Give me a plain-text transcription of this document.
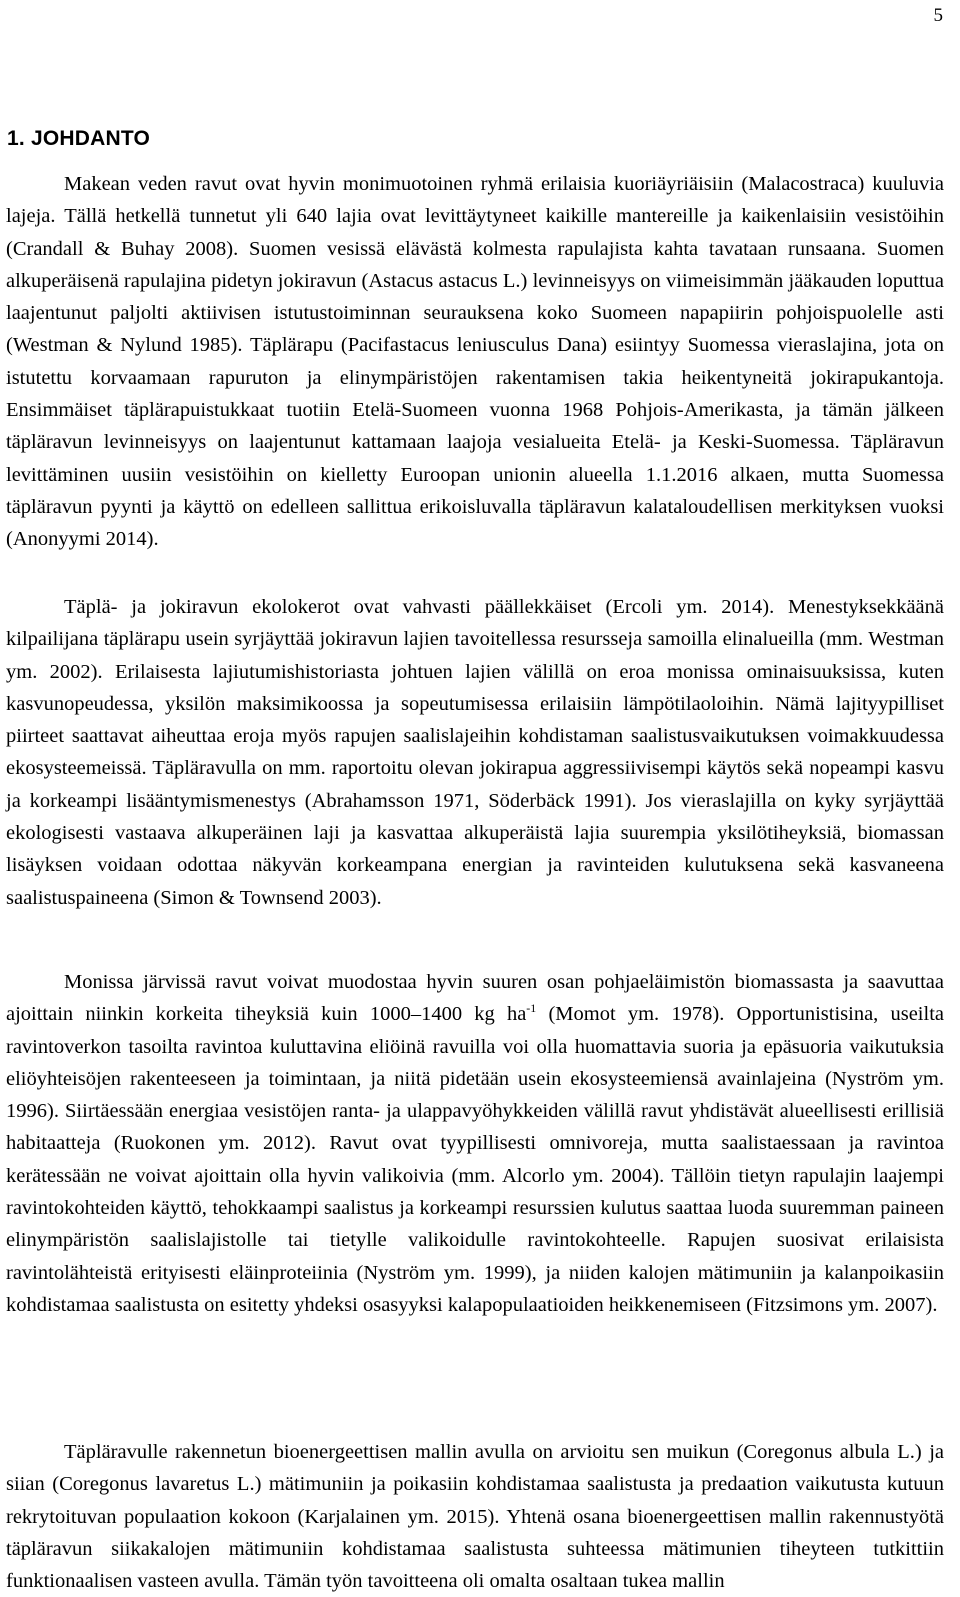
5
1. JOHDANTO

Makean veden ravut ovat hyvin monimuotoinen ryhmä erilaisia kuoriäyriäisiin (Malacostraca) kuuluvia lajeja. Tällä hetkellä tunnetut yli 640 lajia ovat levittäytyneet kaikille mantereille ja kaikenlaisiin vesistöihin (Crandall & Buhay 2008). Suomen vesissä elävästä kolmesta rapulajista kahta tavataan runsaana. Suomen alkuperäisenä rapulajina pidetyn jokiravun (Astacus astacus L.) levinneisyys on viimeisimmän jääkauden loputtua laajentunut paljolti aktiivisen istutustoiminnan seurauksena koko Suomeen napapiirin pohjoispuolelle asti (Westman & Nylund 1985). Täplärapu (Pacifastacus leniusculus Dana) esiintyy Suomessa vieraslajina, jota on istutettu korvaamaan rapuruton ja elinympäristöjen rakentamisen takia heikentyneitä jokirapukantoja. Ensimmäiset täplärapuistukkaat tuotiin Etelä-Suomeen vuonna 1968 Pohjois-Amerikasta, ja tämän jälkeen täpläravun levinneisyys on laajentunut kattamaan laajoja vesialueita Etelä- ja Keski-Suomessa. Täpläravun levittäminen uusiin vesistöihin on kielletty Euroopan unionin alueella 1.1.2016 alkaen, mutta Suomessa täpläravun pyynti ja käyttö on edelleen sallittua erikoisluvalla täpläravun kalataloudellisen merkityksen vuoksi (Anonyymi 2014).

Täplä- ja jokiravun ekolokerot ovat vahvasti päällekkäiset (Ercoli ym. 2014). Menestyksekkäänä kilpailijana täplärapu usein syrjäyttää jokiravun lajien tavoitellessa resursseja samoilla elinalueilla (mm. Westman ym. 2002). Erilaisesta lajiutumishistoriasta johtuen lajien välillä on eroa monissa ominaisuuksissa, kuten kasvunopeudessa, yksilön maksimikoossa ja sopeutumisessa erilaisiin lämpötilaoloihin. Nämä lajityypilliset piirteet saattavat aiheuttaa eroja myös rapujen saalislajeihin kohdistaman saalistusvaikutuksen voimakkuudessa ekosysteemeissä. Täpläravulla on mm. raportoitu olevan jokirapua aggressiivisempi käytös sekä nopeampi kasvu ja korkeampi lisääntymismenestys (Abrahamsson 1971, Söderbäck 1991). Jos vieraslajilla on kyky syrjäyttää ekologisesti vastaava alkuperäinen laji ja kasvattaa alkuperäistä lajia suurempia yksilötiheyksiä, biomassan lisäyksen voidaan odottaa näkyvän korkeampana energian ja ravinteiden kulutuksena sekä kasvaneena saalistuspaineena (Simon & Townsend 2003).

Monissa järvissä ravut voivat muodostaa hyvin suuren osan pohjaeläimistön biomassasta ja saavuttaa ajoittain niinkin korkeita tiheyksiä kuin 1000–1400 kg $ha^{-1}$ (Momot ym. 1978). Opportunistisina, useilta ravintoverkon tasoilta ravintoa kuluttavina eliöinä ravuilla voi olla huomattavia suoria ja epäsuoria vaikutuksia eliöyhteisöjen rakenteeseen ja toimintaan, ja niitä pidetään usein ekosysteemiensä avainlajeina (Nyström ym. 1996). Siirtäessään energiaa vesistöjen ranta- ja ulappavyöhykkeiden välillä ravut yhdistävät alueellisesti erillisiä habitaatteja (Ruokonen ym. 2012). Ravut ovat tyypillisesti omnivoreja, mutta saalistaessaan ja ravintoa kerätessään ne voivat ajoittain olla hyvin valikoivia (mm. Alcorlo ym. 2004). Tällöin tietyn rapulajin laajempi ravintokohteiden käyttö, tehokkaampi saalistus ja korkeampi resurssien kulutus saattaa luoda suuremman paineen elinympäristön saalislajistolle tai tietylle valikoidulle ravintokohteelle. Rapujen suosivat erilaisista ravintolähteistä erityisesti eläinproteiinia (Nyström ym. 1999), ja niiden kalojen mätimuniin ja kalanpoikasiin kohdistamaa saalistusta on esitetty yhdeksi osasyyksi kalapopulaatioiden heikkenemiseen (Fitzsimons ym. 2007).

Täpläravulle rakennetun bioenergeettisen mallin avulla on arvioitu sen muikun (Coregonus albula L.) ja siian (Coregonus lavaretus L.) mätimuniin ja poikasiin kohdistamaa saalistusta ja predaation vaikutusta kutuun rekrytoituvan populaation kokoon (Karjalainen ym. 2015). Yhtenä osana bioenergeettisen mallin rakennustyötä täpläravun siikakalojen mätimuniin kohdistamaa saalistusta suhteessa mätimunien tiheyteen tutkittiin funktionaalisen vasteen avulla. Tämän työn tavoitteena oli omalta osaltaan tukea mallin
